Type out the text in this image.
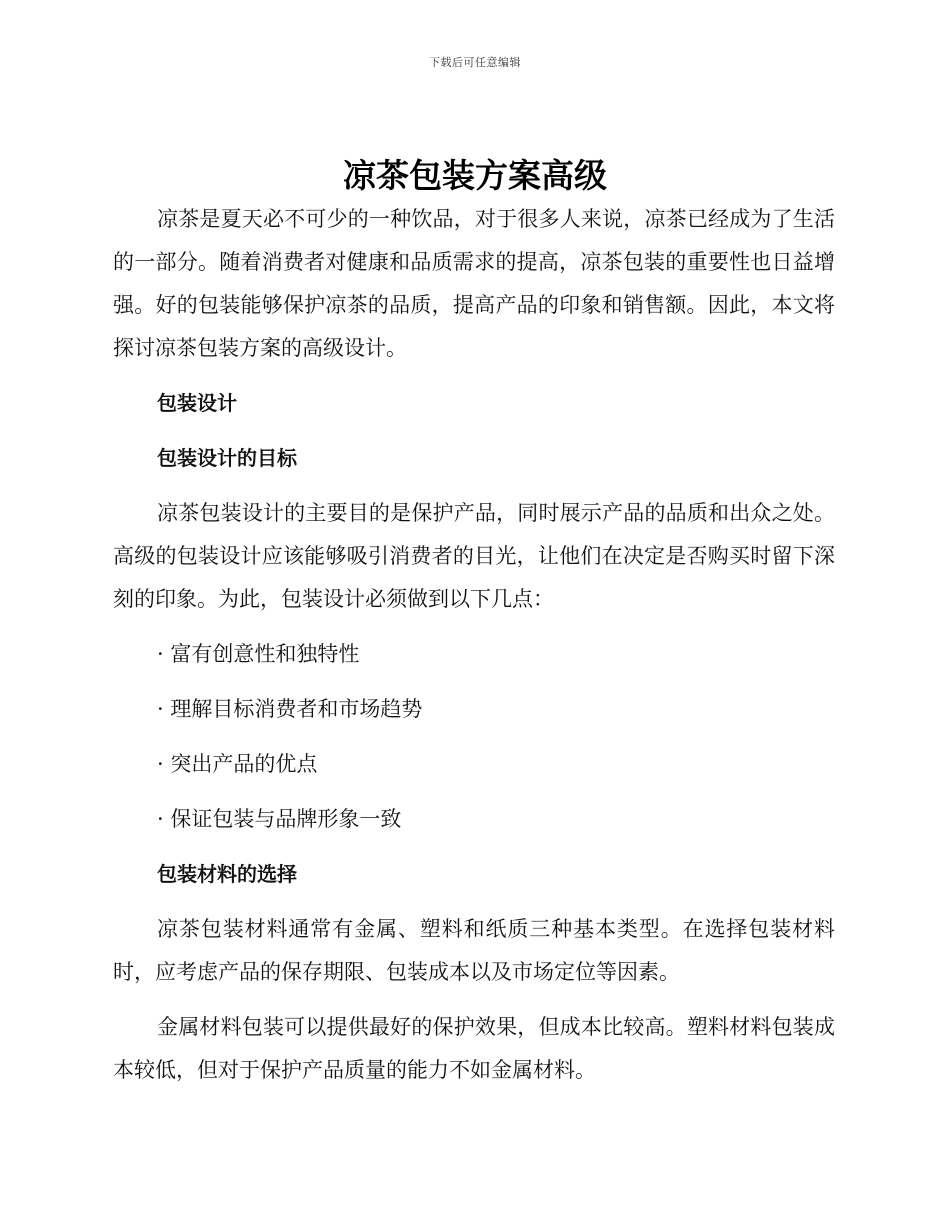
下载后可任意编辑
凉茶包装方案高级

凉茶是夏天必不可少的一种饮品，对于很多人来说，凉茶已经成为了生活的一部分。随着消费者对健康和品质需求的提高，凉茶包装的重要性也日益增强。好的包装能够保护凉茶的品质，提高产品的印象和销售额。因此，本文将探讨凉茶包装方案的高级设计。

包装设计
包装设计的目标

凉茶包装设计的主要目的是保护产品，同时展示产品的品质和出众之处。高级的包装设计应该能够吸引消费者的目光，让他们在决定是否购买时留下深刻的印象。为此，包装设计必须做到以下几点：

· 富有创意性和独特性
· 理解目标消费者和市场趋势
· 突出产品的优点
· 保证包装与品牌形象一致
包装材料的选择

凉茶包装材料通常有金属、塑料和纸质三种基本类型。在选择包装材料时，应考虑产品的保存期限、包装成本以及市场定位等因素。

金属材料包装可以提供最好的保护效果，但成本比较高。塑料材料包装成本较低，但对于保护产品质量的能力不如金属材料。
